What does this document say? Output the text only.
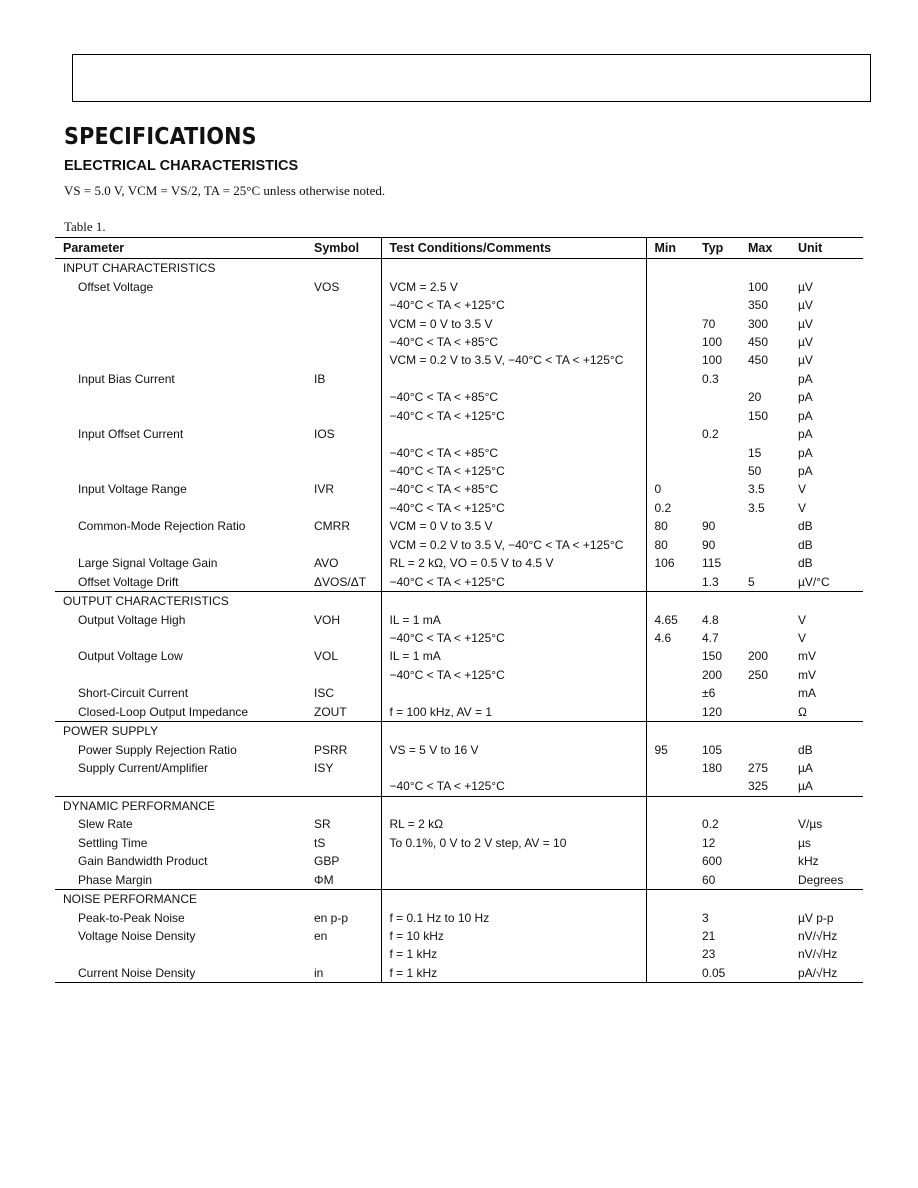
SPECIFICATIONS
ELECTRICAL CHARACTERISTICS
VS = 5.0 V, VCM = VS/2, TA = 25°C unless otherwise noted.
Table 1.
Parameter	Symbol	Test Conditions/Comments	Min	Typ	Max	Unit
INPUT CHARACTERISTICS						
Offset Voltage	VOS	VCM = 2.5 V			100	µV
		−40°C < TA < +125°C			350	µV
		VCM = 0 V to 3.5 V		70	300	µV
		−40°C < TA < +85°C		100	450	µV
		VCM = 0.2 V to 3.5 V, −40°C < TA < +125°C		100	450	µV
Input Bias Current	IB			0.3		pA
		−40°C < TA < +85°C			20	pA
		−40°C < TA < +125°C			150	pA
Input Offset Current	IOS			0.2		pA
		−40°C < TA < +85°C			15	pA
		−40°C < TA < +125°C			50	pA
Input Voltage Range	IVR	−40°C < TA < +85°C	0		3.5	V
		−40°C < TA < +125°C	0.2		3.5	V
Common-Mode Rejection Ratio	CMRR	VCM = 0 V to 3.5 V	80	90		dB
		VCM = 0.2 V to 3.5 V, −40°C < TA < +125°C	80	90		dB
Large Signal Voltage Gain	AVO	RL = 2 kΩ, VO = 0.5 V to 4.5 V	106	115		dB
Offset Voltage Drift	ΔVOS/ΔT	−40°C < TA < +125°C		1.3	5	µV/°C
OUTPUT CHARACTERISTICS						
Output Voltage High	VOH	IL = 1 mA	4.65	4.8		V
		−40°C < TA < +125°C	4.6	4.7		V
Output Voltage Low	VOL	IL = 1 mA		150	200	mV
		−40°C < TA < +125°C		200	250	mV
Short-Circuit Current	ISC			±6		mA
Closed-Loop Output Impedance	ZOUT	f = 100 kHz, AV = 1		120		Ω
POWER SUPPLY						
Power Supply Rejection Ratio	PSRR	VS = 5 V to 16 V	95	105		dB
Supply Current/Amplifier	ISY			180	275	µA
		−40°C < TA < +125°C			325	µA
DYNAMIC PERFORMANCE						
Slew Rate	SR	RL = 2 kΩ		0.2		V/µs
Settling Time	tS	To 0.1%, 0 V to 2 V step, AV = 10		12		µs
Gain Bandwidth Product	GBP			600		kHz
Phase Margin	ΦM			60		Degrees
NOISE PERFORMANCE						
Peak-to-Peak Noise	en p-p	f = 0.1 Hz to 10 Hz		3		µV p-p
Voltage Noise Density	en	f = 10 kHz		21		nV/√Hz
		f = 1 kHz		23		nV/√Hz
Current Noise Density	in	f = 1 kHz		0.05		pA/√Hz
